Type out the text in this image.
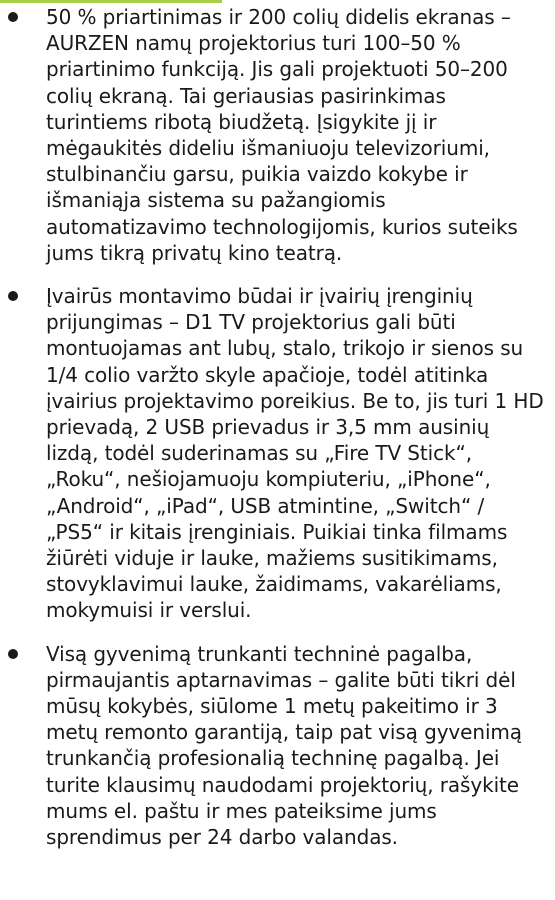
50 % priartinimas ir 200 colių didelis ekranas – AURZEN namų projektorius turi 100–50 % priartinimo funkciją. Jis gali projektuoti 50–200 colių ekraną. Tai geriausias pasirinkimas turintiems ribotą biudžetą. Įsigykite jį ir mėgaukitės dideliu išmaniuoju televizoriumi, stulbinančiu garsu, puikia vaizdo kokybe ir išmaniąja sistema su pažangiomis automatizavimo technologijomis, kurios suteiks jums tikrą privatų kino teatrą.
Įvairūs montavimo būdai ir įvairių įrenginių prijungimas – D1 TV projektorius gali būti montuojamas ant lubų, stalo, trikojo ir sienos su 1/4 colio varžto skyle apačioje, todėl atitinka įvairius projektavimo poreikius. Be to, jis turi 1 HD prievadą, 2 USB prievadus ir 3,5 mm ausinių lizdą, todėl suderinamas su „Fire TV Stick“, „Roku“, nešiojamuoju kompiuteriu, „iPhone“, „Android“, „iPad“, USB atmintine, „Switch“ / „PS5“ ir kitais įrenginiais. Puikiai tinka filmams žiūrėti viduje ir lauke, mažiems susitikimams, stovyklavimui lauke, žaidimams, vakarėliams, mokymuisi ir verslui.
Visą gyvenimą trunkanti techninė pagalba, pirmaujantis aptarnavimas – galite būti tikri dėl mūsų kokybės, siūlome 1 metų pakeitimo ir 3 metų remonto garantiją, taip pat visą gyvenimą trunkančią profesionalią techninę pagalbą. Jei turite klausimų naudodami projektorių, rašykite mums el. paštu ir mes pateiksime jums sprendimus per 24 darbo valandas.
